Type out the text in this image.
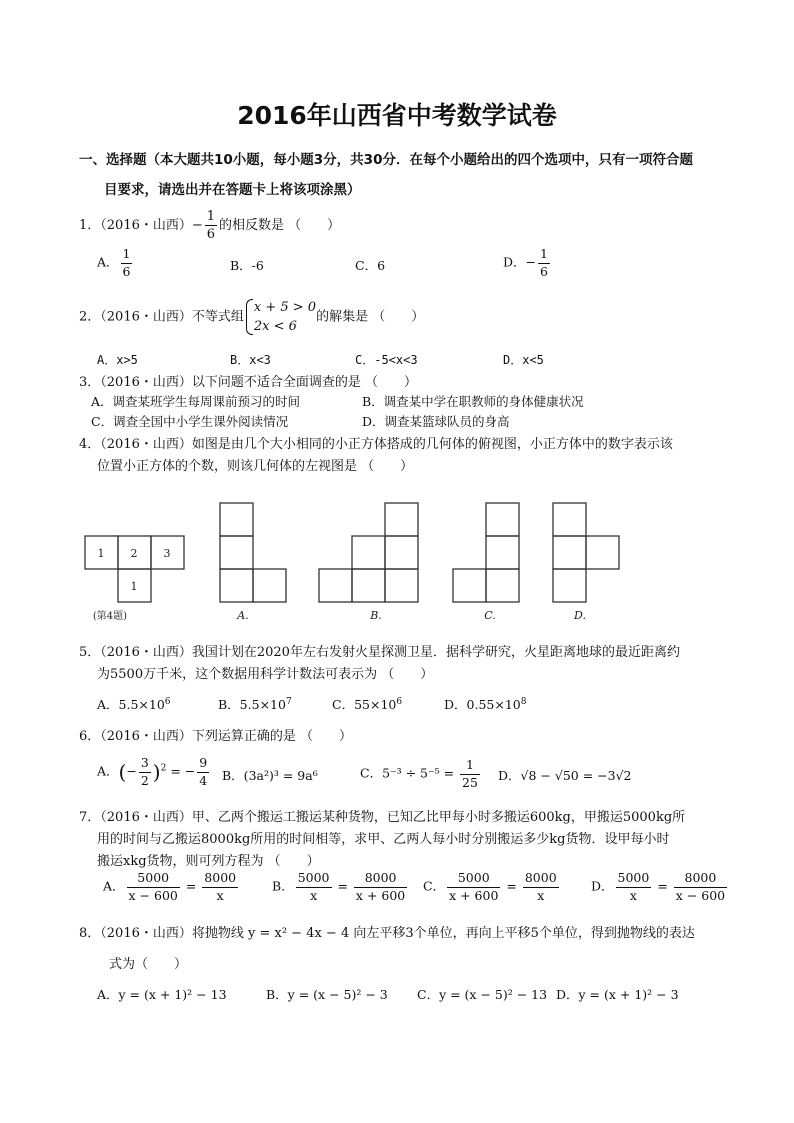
2016年山西省中考数学试卷
一、选择题（本大题共10小题，每小题3分，共30分．在每个小题给出的四个选项中，只有一项符合题
目要求，请选出并在答题卡上将该项涂黑）
1．（2016・山西）− $\frac{1}{6}$ 的相反数是 （　　）
A． $\frac{1}{6}$	B．-6	C．6	D．− $\frac{1}{6}$
2．（2016・山西）不等式组
x + 5 > 0
2x < 6
的解集是 （　　）
A．x>5	B．x<3	C．-5<x<3	D．x<5
3．（2016・山西）以下问题不适合全面调查的是 （　　）
A．调查某班学生每周课前预习的时间	B．调查某中学在职教师的身体健康状况
C．调查全国中小学生课外阅读情况	D．调查某篮球队员的身高
4．（2016・山西）如图是由几个大小相同的小正方体搭成的几何体的俯视图，小正方体中的数字表示该
位置小正方体的个数，则该几何体的左视图是 （　　）
1 2 3
1
(第4题)	A.	B.	C.	D.
5．（2016・山西）我国计划在2020年左右发射火星探测卫星．据科学研究，火星距离地球的最近距离约
为5500万千米，这个数据用科学计数法可表示为 （　　）
A．$5.5\times 10^6$	B．$5.5\times 10^7$	C．$55\times 10^6$	D．$0.55\times 10^8$
6．（2016・山西）下列运算正确的是 （　　）
A．(− $\frac{3}{2} )^2$ = − $\frac{9}{4}$ B．(3a²)³ = 9a⁶	C．$5^{-3} \div 5^{-5} = \frac{1}{25}$ D．√8 − √50 = −3√2
7．（2016・山西）甲、乙两个搬运工搬运某种货物，已知乙比甲每小时多搬运600kg，甲搬运5000kg所
用的时间与乙搬运8000kg所用的时间相等，求甲、乙两人每小时分别搬运多少kg货物．设甲每小时
搬运xkg货物，则可列方程为 （　　）
A． $\frac{5000}{x - 600} = \frac{8000}{x}$	B． $\frac{5000}{x} = \frac{8000}{x + 600}$ C． $\frac{5000}{x + 600} = \frac{8000}{x}$	D． $\frac{5000}{x} = \frac{8000}{x - 600}$
8．（2016・山西）将抛物线 y = x² − 4x − 4 向左平移3个单位，再向上平移5个单位，得到抛物线的表达
式为（　　）
A．y = (x + 1)² − 13	B．y = (x − 5)² − 3 C．y = (x − 5)² − 13 D．y = (x + 1)² − 3
